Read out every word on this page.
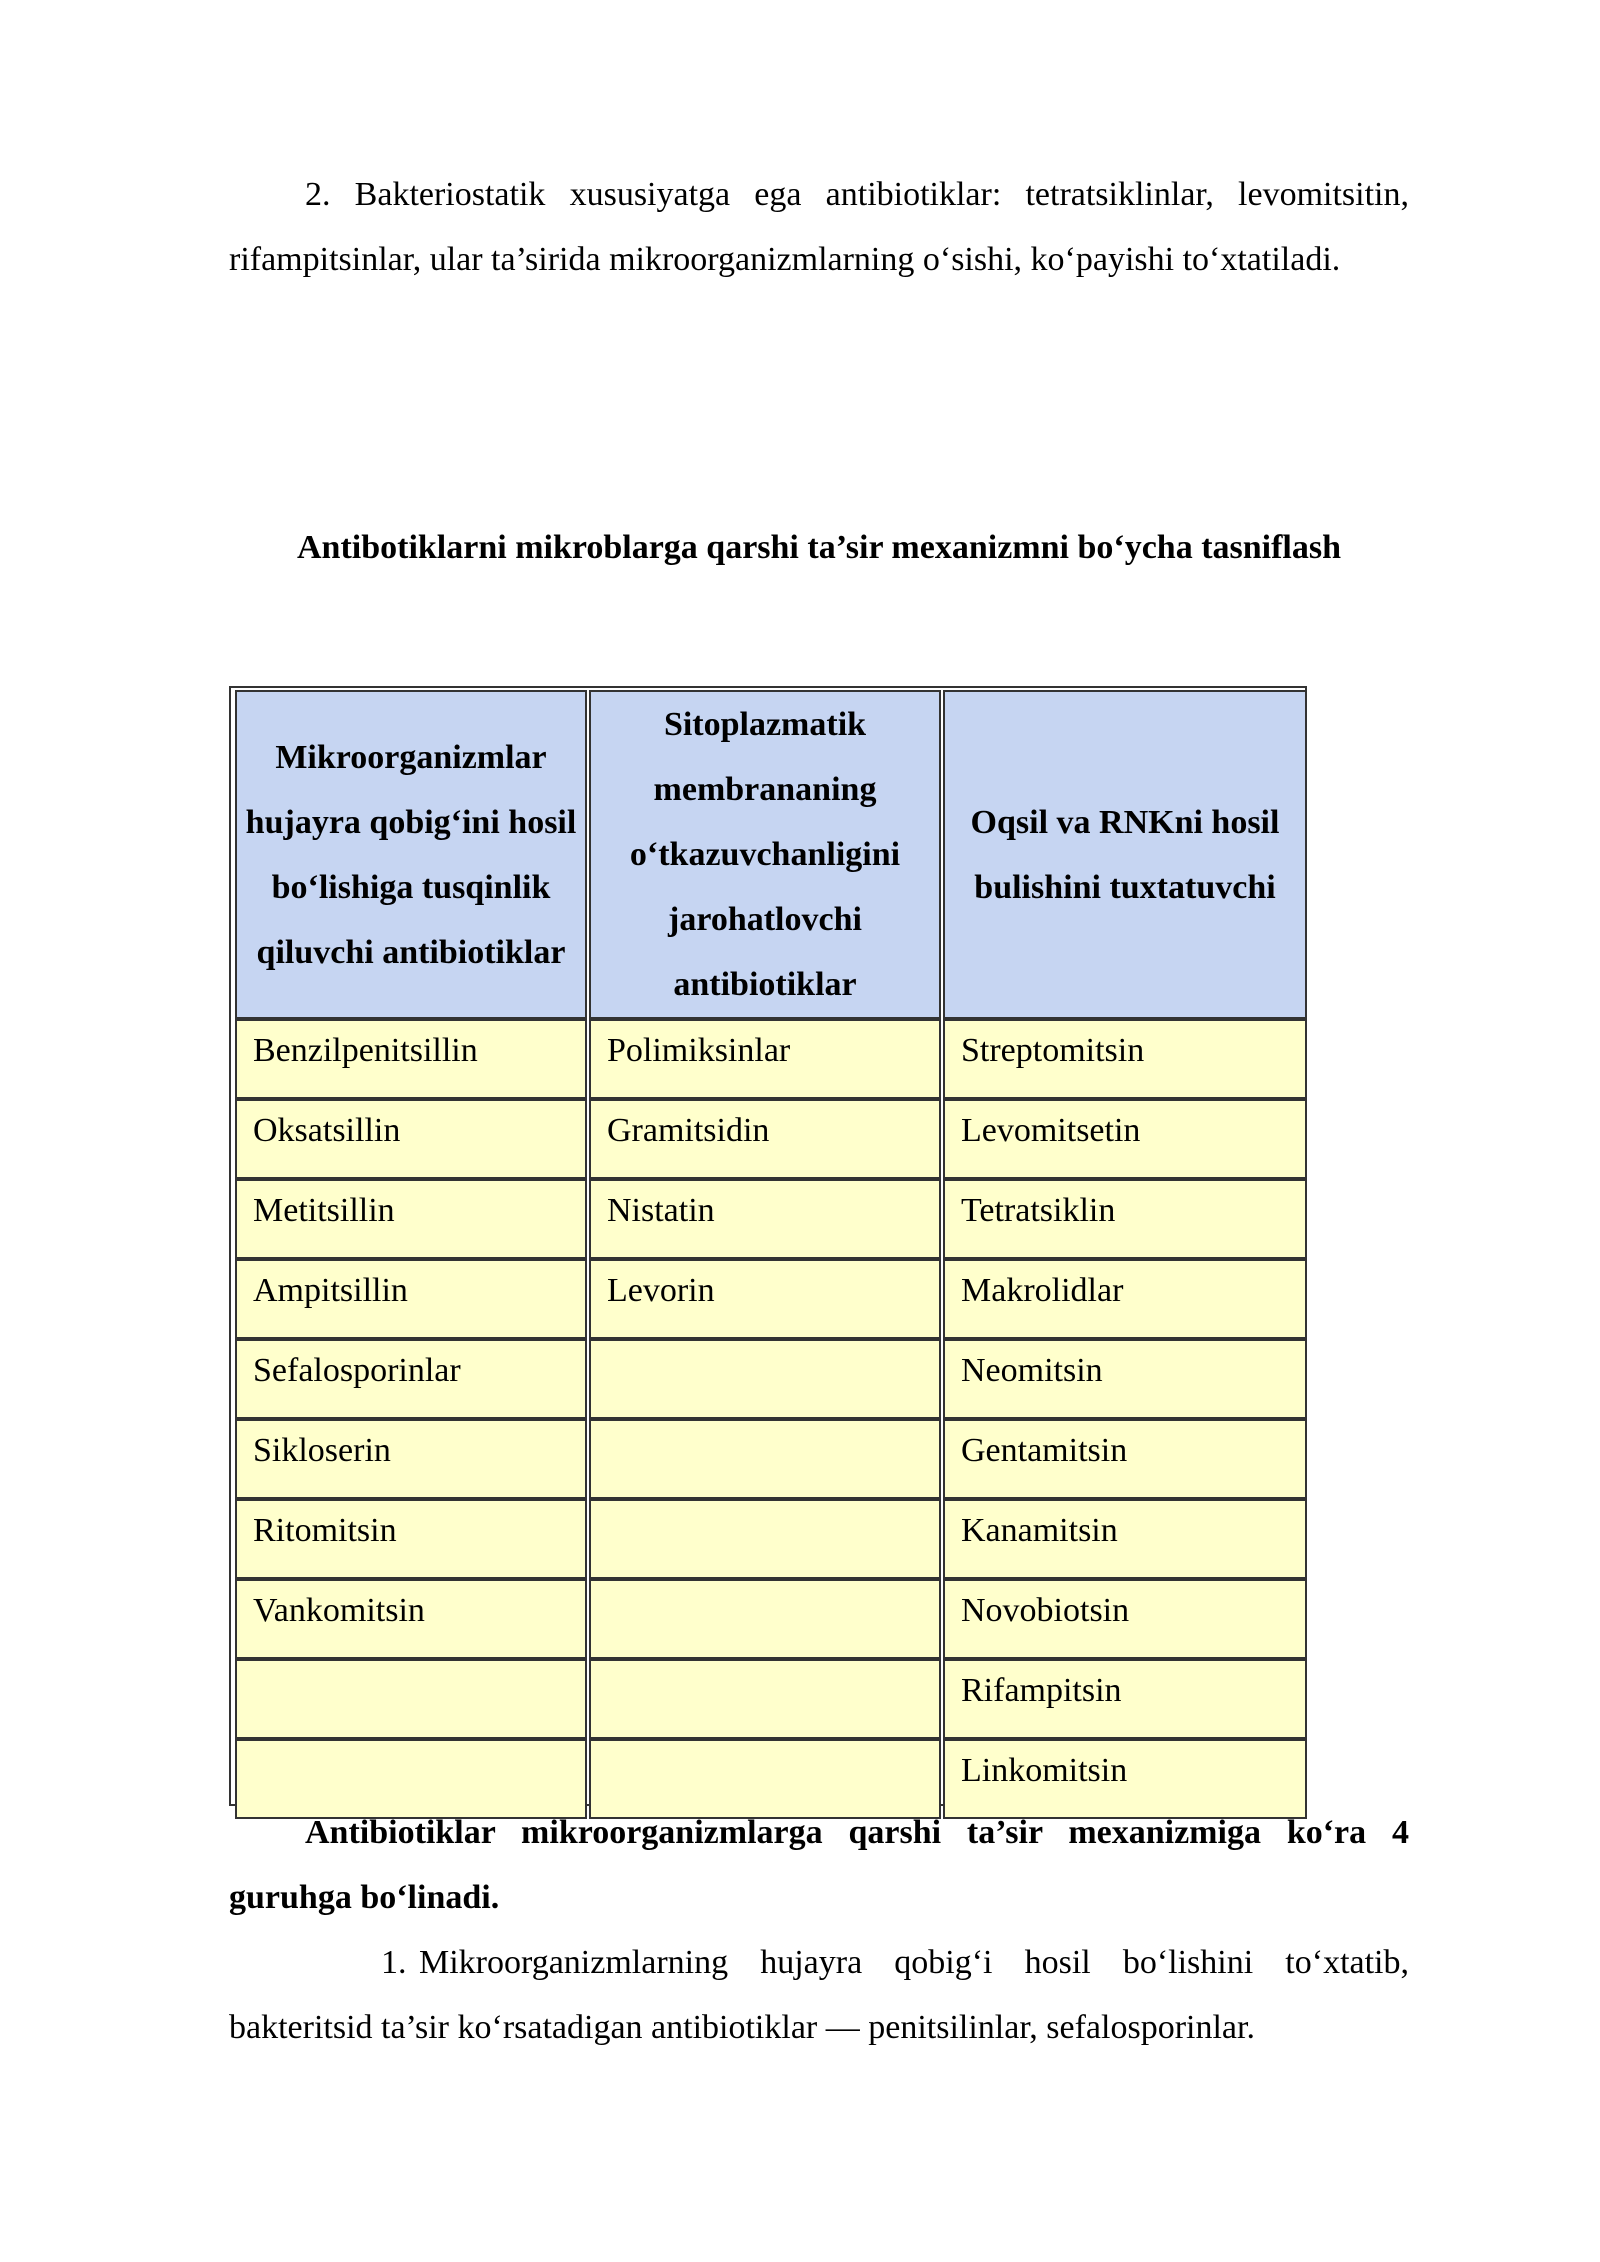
2. Bakteriostatik xususiyatga ega antibiotiklar: tetratsiklinlar, levomitsitin, rifampitsinlar, ular ta’sirida mikroorganizmlarning o‘sishi, ko‘payishi to‘xtatiladi.

Antibotiklarni mikroblarga qarshi ta’sir mexanizmni bo‘ycha tasniflash

Mikroorganizmlar hujayra qobig‘ini hosil bo‘lishiga tusqinlik qiluvchi antibiotiklar	Sitoplazmatik membrananing o‘tkazuvchanligini jarohatlovchi antibiotiklar	Oqsil va RNKni hosil bulishini tuxtatuvchi
Benzilpenitsillin	Polimiksinlar	Streptomitsin
Oksatsillin	Gramitsidin	Levomitsetin
Metitsillin	Nistatin	Tetratsiklin
Ampitsillin	Levorin	Makrolidlar
Sefalosporinlar		Neomitsin
Sikloserin		Gentamitsin
Ritomitsin		Kanamitsin
Vankomitsin		Novobiotsin
		Rifampitsin
		Linkomitsin

Antibiotiklar mikroorganizmlarga qarshi ta’sir mexanizmiga ko‘ra 4 guruhga bo‘linadi.

1. Mikroorganizmlarning hujayra qobig‘i hosil bo‘lishini to‘xtatib, bakteritsid ta’sir ko‘rsatadigan antibiotiklar — penitsilinlar, sefalosporinlar.
